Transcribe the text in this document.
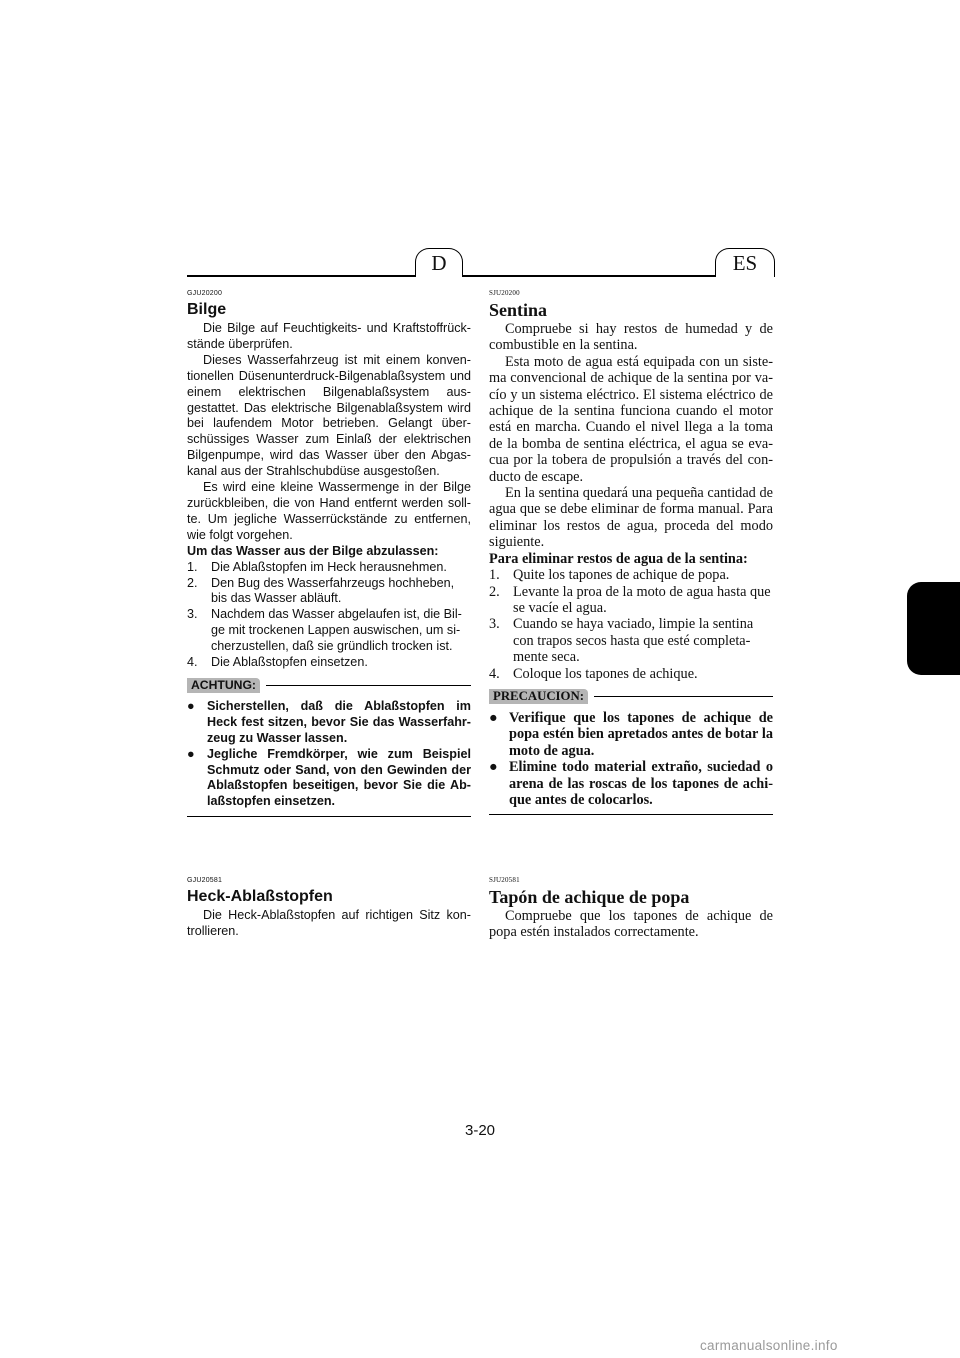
D	ES
GJU20200
Bilge

Die Bilge auf Feuchtigkeits- und Kraftstoffrück-stände überprüfen.

Dieses Wasserfahrzeug ist mit einem konven-tionellen Düsenunterdruck-Bilgenablaßsystem und einem elektrischen Bilgenablaßsystem aus-gestattet. Das elektrische Bilgenablaßsystem wird bei laufendem Motor betrieben. Gelangt über-schüssiges Wasser zum Einlaß der elektrischen Bilgenpumpe, wird das Wasser über den Abgas-kanal aus der Strahlschubdüse ausgestoßen.

Es wird eine kleine Wassermenge in der Bilge zurückbleiben, die von Hand entfernt werden soll-te. Um jegliche Wasserrückstände zu entfernen, wie folgt vorgehen.

Um das Wasser aus der Bilge abzulassen:

1. Die Ablaßstopfen im Heck herausnehmen.
2. Den Bug des Wasserfahrzeugs hochheben, bis das Wasser abläuft.
3. Nachdem das Wasser abgelaufen ist, die Bil-ge mit trockenen Lappen auswischen, um si-cherzustellen, daß sie gründlich trocken ist.
4. Die Ablaßstopfen einsetzen.
ACHTUNG:
● Sicherstellen, daß die Ablaßstopfen im Heck fest sitzen, bevor Sie das Wasserfahr-zeug zu Wasser lassen.
● Jegliche Fremdkörper, wie zum Beispiel Schmutz oder Sand, von den Gewinden der Ablaßstopfen beseitigen, bevor Sie die Ab-laßstopfen einsetzen.
SJU20200
Sentina

Compruebe si hay restos de humedad y de combustible en la sentina.

Esta moto de agua está equipada con un siste-ma convencional de achique de la sentina por va-cío y un sistema eléctrico. El sistema eléctrico de achique de la sentina funciona cuando el motor está en marcha. Cuando el nivel llega a la toma de la bomba de sentina eléctrica, el agua se eva-cua por la tobera de propulsión a través del con-ducto de escape.

En la sentina quedará una pequeña cantidad de agua que se debe eliminar de forma manual. Para eliminar los restos de agua, proceda del modo siguiente.

Para eliminar restos de agua de la sentina:

1. Quite los tapones de achique de popa.
2. Levante la proa de la moto de agua hasta que se vacíe el agua.
3. Cuando se haya vaciado, limpie la sentina con trapos secos hasta que esté completa-mente seca.
4. Coloque los tapones de achique.
PRECAUCION:
● Verifique que los tapones de achique de popa estén bien apretados antes de botar la moto de agua.
● Elimine todo material extraño, suciedad o arena de las roscas de los tapones de achi-que antes de colocarlos.
GJU20581
Heck-Ablaßstopfen

Die Heck-Ablaßstopfen auf richtigen Sitz kon-trollieren.

SJU20581
Tapón de achique de popa

Compruebe que los tapones de achique de popa estén instalados correctamente.

3-20
carmanualsonline.info
